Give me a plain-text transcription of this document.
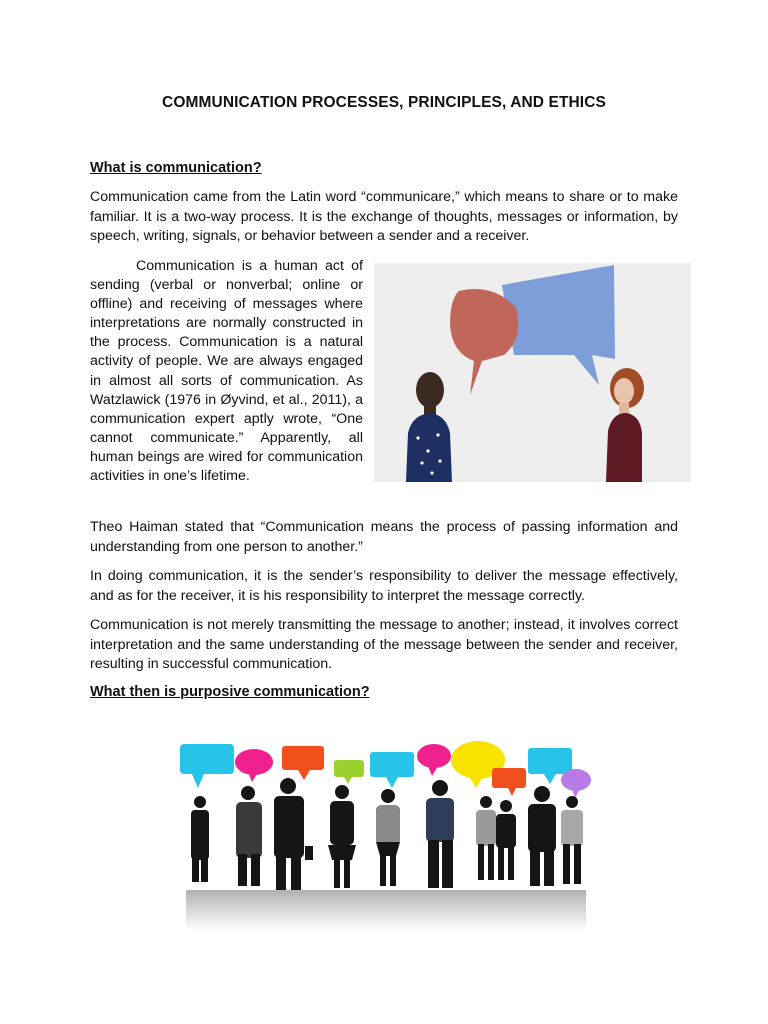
COMMUNICATION PROCESSES, PRINCIPLES, AND ETHICS
What is communication?

Communication came from the Latin word “communicare,” which means to share or to make familiar. It is a two-way process. It is the exchange of thoughts, messages or information, by speech, writing, signals, or behavior between a sender and a receiver.

Communication is a human act of sending (verbal or nonverbal; online or offline) and receiving of messages where interpretations are normally constructed in the process. Communication is a natural activity of people. We are always engaged in almost all sorts of communication. As Watzlawick (1976 in Øyvind, et al., 2011), a communication expert aptly wrote, “One cannot communicate.” Apparently, all human beings are wired for communication activities in one’s lifetime.

Theo Haiman stated that “Communication means the process of passing information and understanding from one person to another.”

In doing communication, it is the sender’s responsibility to deliver the message effectively, and as for the receiver, it is his responsibility to interpret the message correctly.

Communication is not merely transmitting the message to another; instead, it involves correct interpretation and the same understanding of the message between the sender and receiver, resulting in successful communication.

What then is purposive communication?
